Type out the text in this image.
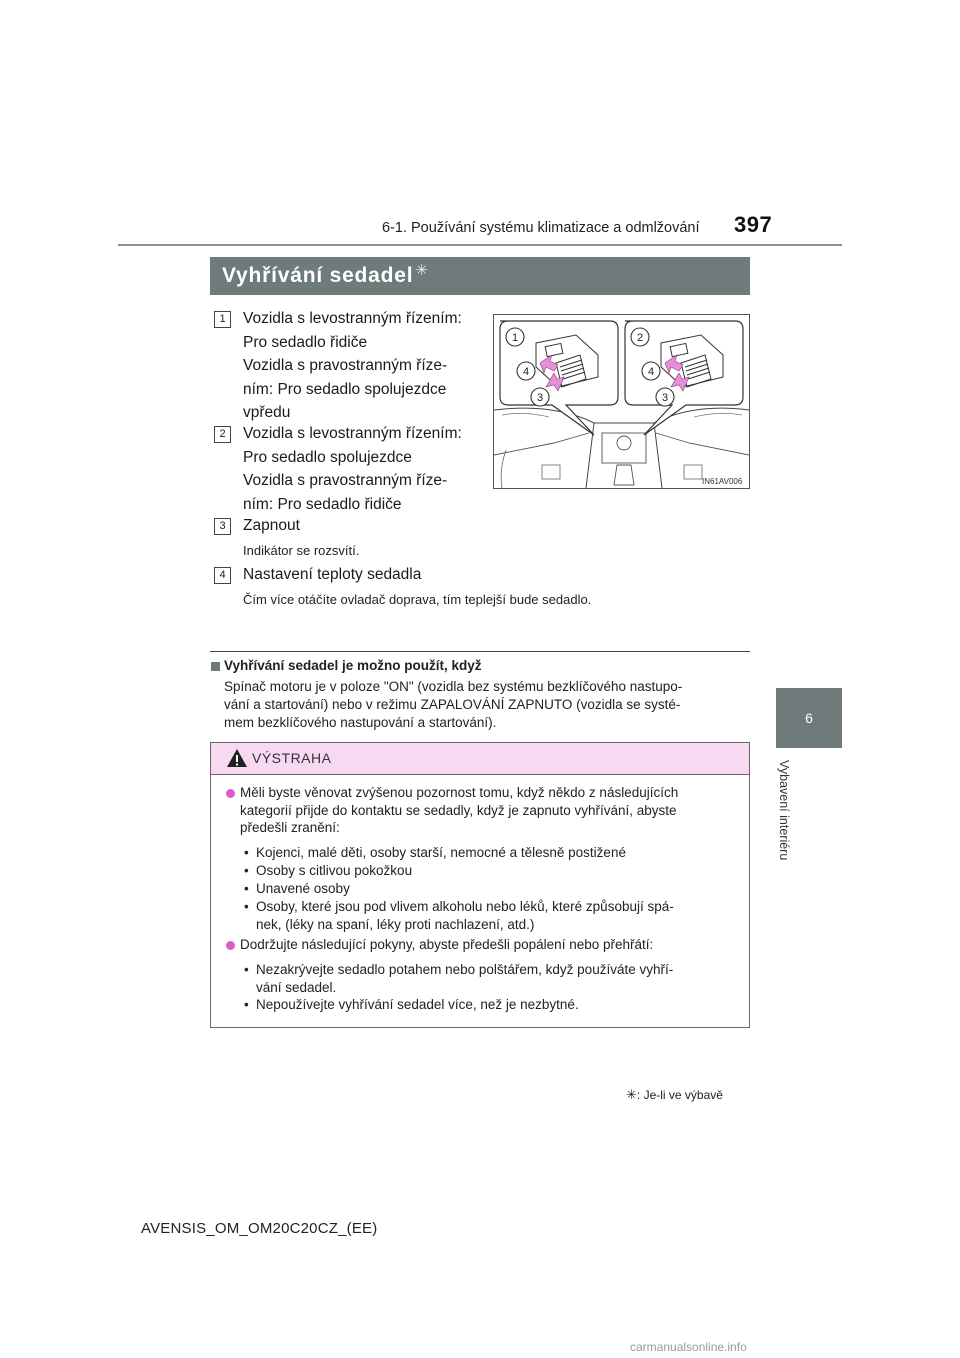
6-1. Používání systému klimatizace a odmlžování 397
6
Vybavení interiéru
Vyhřívání sedadel ✳
1	Vozidla s levostranným řízením:
Pro sedadlo řidiče
Vozidla s pravostranným říze-
ním: Pro sedadlo spolujezdce
vpředu
2	Vozidla s levostranným řízením:
Pro sedadlo spolujezdce
Vozidla s pravostranným říze-
ním: Pro sedadlo řidiče
3	Zapnout
Indikátor se rozsvítí.
4	Nastavení teploty sedadla
Čím více otáčíte ovladač doprava, tím teplejší bude sedadlo.
1
4
3
2
4
3
IN61AV006
Vyhřívání sedadel je možno použít, když
Spínač motoru je v poloze "ON" (vozidla bez systému bezklíčového nastupo-
vání a startování) nebo v režimu ZAPALOVÁNÍ ZAPNUTO (vozidla se systé-
mem bezklíčového nastupování a startování).
VÝSTRAHA
Měli byste věnovat zvýšenou pozornost tomu, když někdo z následujících
kategorií přijde do kontaktu se sedadly, když je zapnuto vyhřívání, abyste
předešli zranění:
• Kojenci, malé děti, osoby starší, nemocné a tělesně postižené
• Osoby s citlivou pokožkou
• Unavené osoby
• Osoby, které jsou pod vlivem alkoholu nebo léků, které způsobují spá-
nek, (léky na spaní, léky proti nachlazení, atd.)
Dodržujte následující pokyny, abyste předešli popálení nebo přehřátí:
• Nezakrývejte sedadlo potahem nebo polštářem, když používáte vyhří-
vání sedadel.
• Nepoužívejte vyhřívání sedadel více, než je nezbytné.
✳: Je-li ve výbavě
AVENSIS_OM_OM20C20CZ_(EE)
carmanualsonline.info
